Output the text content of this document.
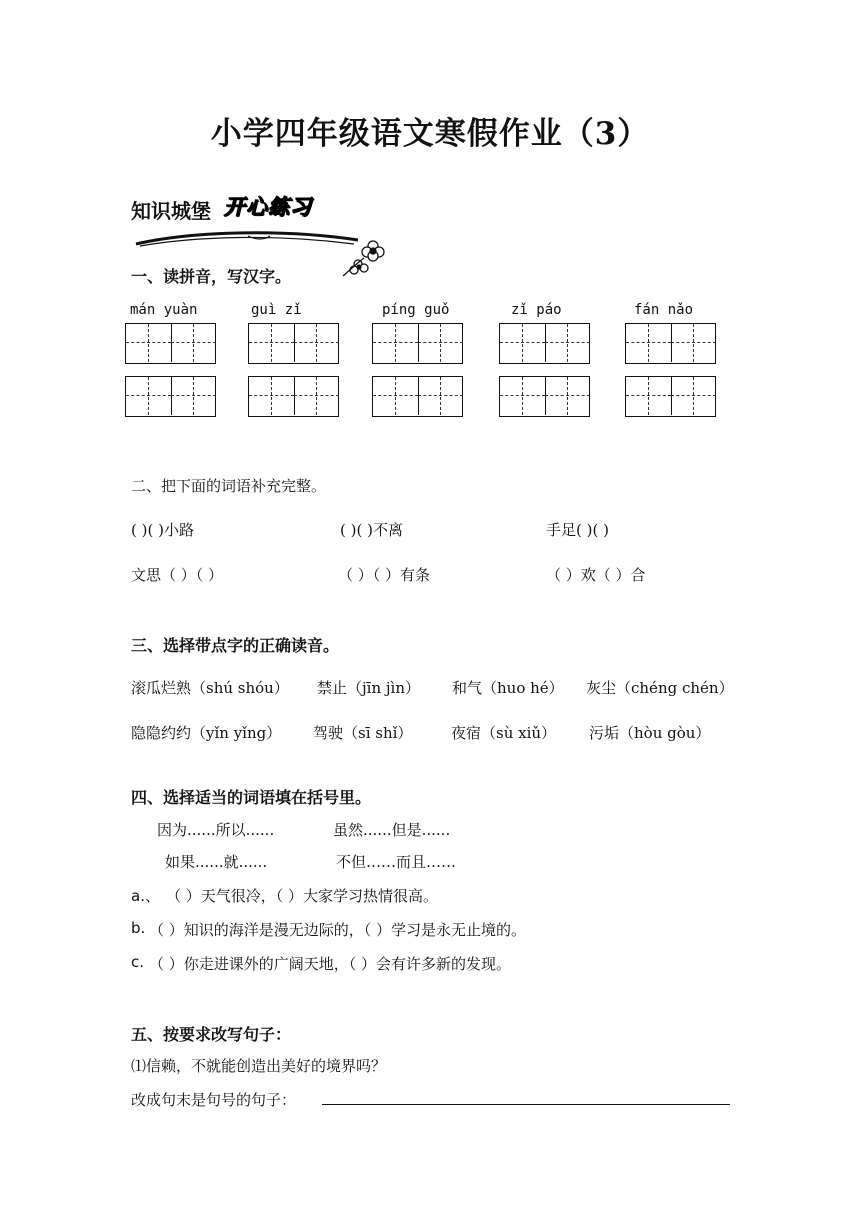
小学四年级语文寒假作业（3）
知识城堡 开心练习
一、读拼音，写汉字。
mán yuàn	guì zǐ	píng guǒ	zǐ páo	fán nǎo
二、把下面的词语补充完整。
( )( )小路	( )( )不离	手足( )( )
文思（ ）（ ）	（ ）（ ）有条	（ ）欢（ ）合
三、选择带点字的正确读音。
滚瓜烂熟（shú shóu） 禁止（jīn jìn） 和气（huo hé） 灰尘（chéng chén）
隐隐约约（yǐn yǐng） 驾驶（sī shǐ）	夜宿（sù xiǔ） 污垢（hòu gòu）
四、选择适当的词语填在括号里。
因为......所以......	虽然......但是......
如果......就......	不但……而且……
a.、 （ ）天气很冷，（ ）大家学习热情很高。
b. （ ）知识的海洋是漫无边际的，（ ）学习是永无止境的。
c. （ ）你走进课外的广阔天地，（ ）会有许多新的发现。
五、按要求改写句子：
⑴信赖，不就能创造出美好的境界吗？
改成句末是句号的句子：
